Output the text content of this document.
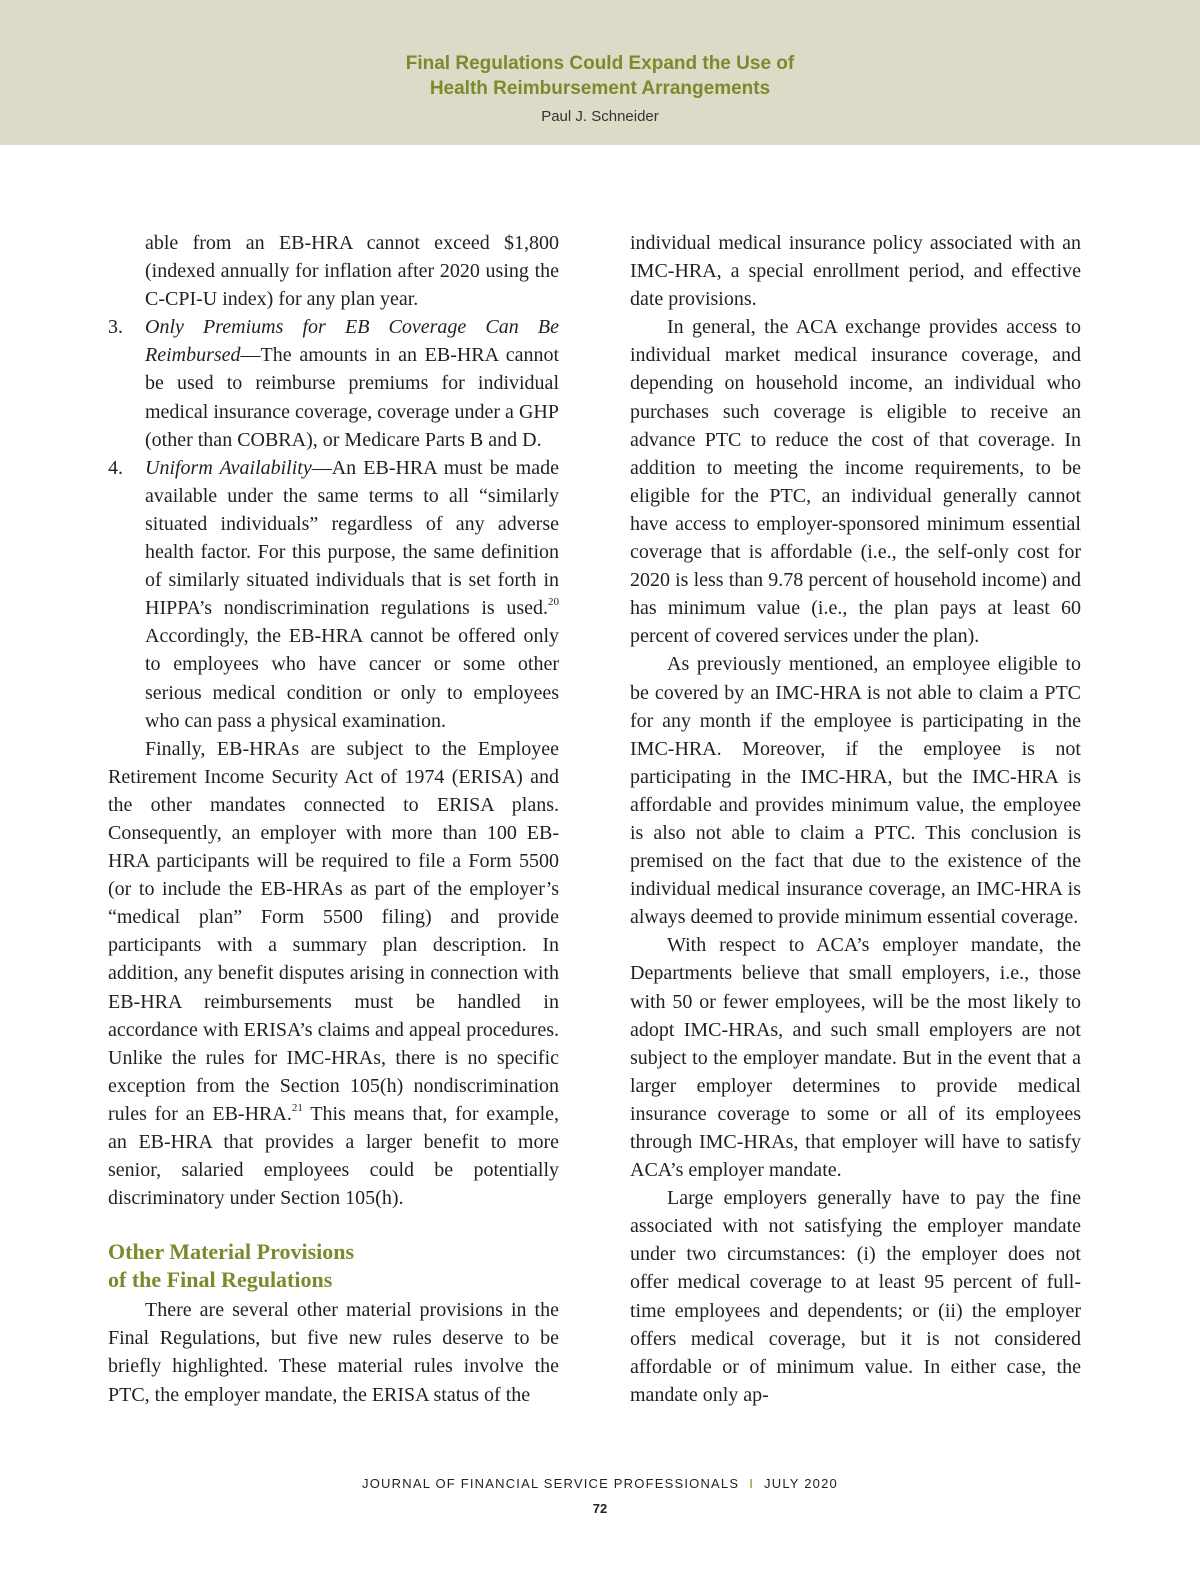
Final Regulations Could Expand the Use of
Health Reimbursement Arrangements
Paul J. Schneider

able from an EB-HRA cannot exceed $1,800 (indexed annually for inflation after 2020 using the C-CPI-U index) for any plan year.

3.	Only Premiums for EB Coverage Can Be Reimbursed—The amounts in an EB-HRA cannot be used to reimburse premiums for individual medical insurance coverage, coverage under a GHP (other than COBRA), or Medicare Parts B and D.

4.	Uniform Availability—An EB-HRA must be made available under the same terms to all “similarly situated individuals” regardless of any adverse health factor. For this purpose, the same definition of similarly situated individuals that is set forth in HIPPA’s nondiscrimination regulations is used.$^{20}$ Accordingly, the EB-HRA cannot be offered only to employees who have cancer or some other serious medical condition or only to employees who can pass a physical examination.

Finally, EB-HRAs are subject to the Employee Retirement Income Security Act of 1974 (ERISA) and the other mandates connected to ERISA plans. Consequently, an employer with more than 100 EB-HRA participants will be required to file a Form 5500 (or to include the EB-HRAs as part of the employer’s “medical plan” Form 5500 filing) and provide participants with a summary plan description. In addition, any benefit disputes arising in connection with EB-HRA reimbursements must be handled in accordance with ERISA’s claims and appeal procedures. Unlike the rules for IMC-HRAs, there is no specific exception from the Section 105(h) nondiscrimination rules for an EB-HRA.$^{21}$ This means that, for example, an EB-HRA that provides a larger benefit to more senior, salaried employees could be potentially discriminatory under Section 105(h).

Other Material Provisions
of the Final Regulations

There are several other material provisions in the Final Regulations, but five new rules deserve to be briefly highlighted. These material rules involve the PTC, the employer mandate, the ERISA status of the

individual medical insurance policy associated with an IMC-HRA, a special enrollment period, and effective date provisions.

In general, the ACA exchange provides access to individual market medical insurance coverage, and depending on household income, an individual who purchases such coverage is eligible to receive an advance PTC to reduce the cost of that coverage. In addition to meeting the income requirements, to be eligible for the PTC, an individual generally cannot have access to employer-sponsored minimum essential coverage that is affordable (i.e., the self-only cost for 2020 is less than 9.78 percent of household income) and has minimum value (i.e., the plan pays at least 60 percent of covered services under the plan).

As previously mentioned, an employee eligible to be covered by an IMC-HRA is not able to claim a PTC for any month if the employee is participating in the IMC-HRA. Moreover, if the employee is not participating in the IMC-HRA, but the IMC-HRA is affordable and provides minimum value, the employee is also not able to claim a PTC. This conclusion is premised on the fact that due to the existence of the individual medical insurance coverage, an IMC-HRA is always deemed to provide minimum essential coverage.

With respect to ACA’s employer mandate, the Departments believe that small employers, i.e., those with 50 or fewer employees, will be the most likely to adopt IMC-HRAs, and such small employers are not subject to the employer mandate. But in the event that a larger employer determines to provide medical insurance coverage to some or all of its employees through IMC-HRAs, that employer will have to satisfy ACA’s employer mandate.

Large employers generally have to pay the fine associated with not satisfying the employer mandate under two circumstances: (i) the employer does not offer medical coverage to at least 95 percent of full-time employees and dependents; or (ii) the employer offers medical coverage, but it is not considered affordable or of minimum value. In either case, the mandate only ap-

JOURNAL OF FINANCIAL SERVICE PROFESSIONALS I JULY 2020
72
